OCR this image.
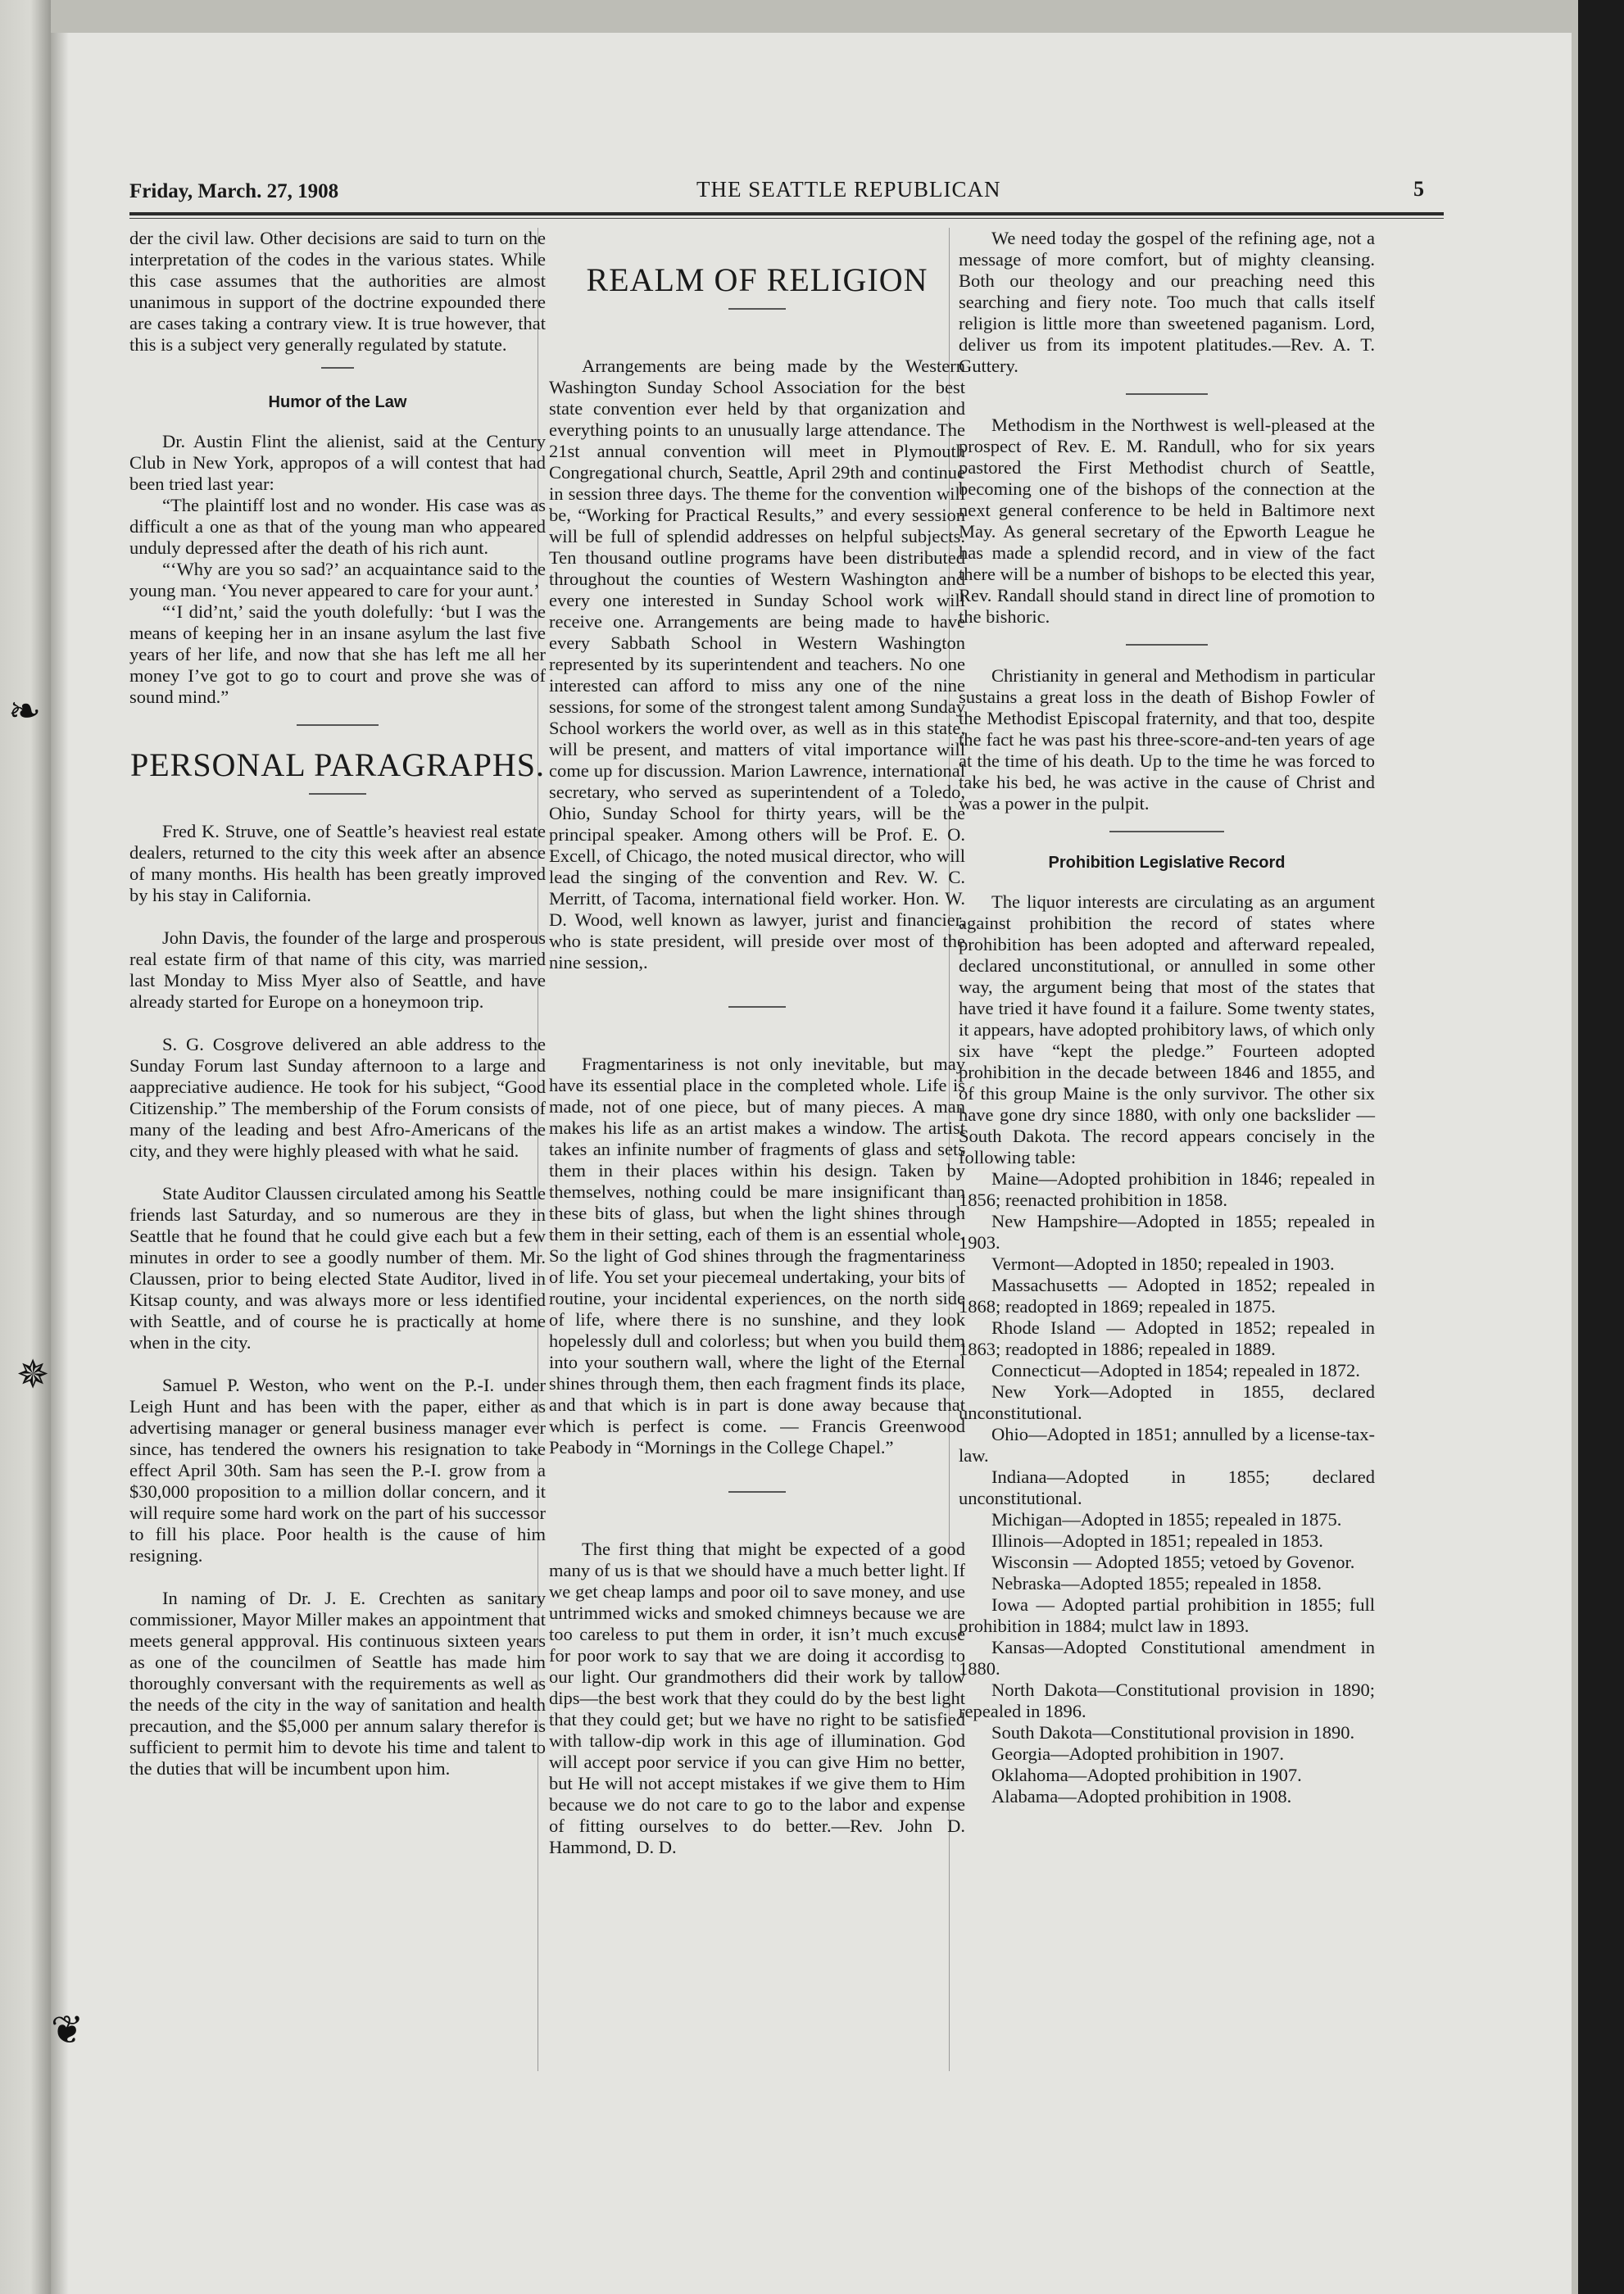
❧
✵
❦
Friday, March. 27, 1908	THE SEATTLE REPUBLICAN	5

der the civil law. Other decisions are said to turn on the interpretation of the codes in the various states. While this case assumes that the authorities are almost unanimous in support of the doctrine expounded there are cases taking a contrary view. It is true however, that this is a subject very generally regulated by statute.

Humor of the Law

Dr. Austin Flint the alienist, said at the Century Club in New York, appropos of a will contest that had been tried last year:

“The plaintiff lost and no wonder. His case was as difficult a one as that of the young man who appeared unduly depressed after the death of his rich aunt.

“‘Why are you so sad?’ an acquaintance said to the young man. ‘You never appeared to care for your aunt.’

“‘I did’nt,’ said the youth dolefully: ‘but I was the means of keeping her in an insane asylum the last five years of her life, and now that she has left me all her money I’ve got to go to court and prove she was of sound mind.”

PERSONAL PARAGRAPHS.

Fred K. Struve, one of Seattle’s heaviest real estate dealers, returned to the city this week after an absence of many months. His health has been greatly improved by his stay in California.

John Davis, the founder of the large and prosperous real estate firm of that name of this city, was married last Monday to Miss Myer also of Seattle, and have already started for Europe on a honeymoon trip.

S. G. Cosgrove delivered an able address to the Sunday Forum last Sunday afternoon to a large and aappreciative audience. He took for his subject, “Good Citizenship.” The membership of the Forum consists of many of the leading and best Afro-Americans of the city, and they were highly pleased with what he said.

State Auditor Claussen circulated among his Seattle friends last Saturday, and so numerous are they in Seattle that he found that he could give each but a few minutes in order to see a goodly number of them. Mr. Claussen, prior to being elected State Auditor, lived in Kitsap county, and was always more or less identified with Seattle, and of course he is practically at home when in the city.

Samuel P. Weston, who went on the P.-I. under Leigh Hunt and has been with the paper, either as advertising manager or general business manager ever since, has tendered the owners his resignation to take effect April 30th. Sam has seen the P.-I. grow from a $30,000 proposition to a million dollar concern, and it will require some hard work on the part of his successor to fill his place. Poor health is the cause of him resigning.

In naming of Dr. J. E. Crechten as sanitary commissioner, Mayor Miller makes an appointment that meets general appproval. His continuous sixteen years as one of the councilmen of Seattle has made him thoroughly conversant with the requirements as well as the needs of the city in the way of sanitation and health precaution, and the $5,000 per annum salary therefor is sufficient to permit him to devote his time and talent to the duties that will be incumbent upon him.

REALM OF RELIGION

Arrangements are being made by the Western Washington Sunday School Association for the best state convention ever held by that organization and everything points to an unusually large attendance. The 21st annual convention will meet in Plymouth Congregational church, Seattle, April 29th and continue in session three days. The theme for the convention will be, “Working for Practical Results,” and every session will be full of splendid addresses on helpful subjects. Ten thousand outline programs have been distributed throughout the counties of Western Washington and every one interested in Sunday School work will receive one. Arrangements are being made to have every Sabbath School in Western Washington represented by its superintendent and teachers. No one interested can afford to miss any one of the nine sessions, for some of the strongest talent among Sunday School workers the world over, as well as in this state, will be present, and matters of vital importance will come up for discussion. Marion Lawrence, international secretary, who served as superintendent of a Toledo, Ohio, Sunday School for thirty years, will be the principal speaker. Among others will be Prof. E. O. Excell, of Chicago, the noted musical director, who will lead the singing of the convention and Rev. W. C. Merritt, of Tacoma, international field worker. Hon. W. D. Wood, well known as lawyer, jurist and financier, who is state president, will preside over most of the nine session,.

Fragmentariness is not only inevitable, but may have its essential place in the completed whole. Life is made, not of one piece, but of many pieces. A man makes his life as an artist makes a window. The artist takes an infinite number of fragments of glass and sets them in their places within his design. Taken by themselves, nothing could be mare insignificant than these bits of glass, but when the light shines through them in their setting, each of them is an essential whole. So the light of God shines through the fragmentariness of life. You set your piecemeal undertaking, your bits of routine, your incidental experiences, on the north side of life, where there is no sunshine, and they look hopelessly dull and colorless; but when you build them into your southern wall, where the light of the Eternal shines through them, then each fragment finds its place, and that which is in part is done away because that which is perfect is come. — Francis Greenwood Peabody in “Mornings in the College Chapel.”

The first thing that might be expected of a good many of us is that we should have a much better light. If we get cheap lamps and poor oil to save money, and use untrimmed wicks and smoked chimneys because we are too careless to put them in order, it isn’t much excuse for poor work to say that we are doing it accordisg to our light. Our grandmothers did their work by tallow dips—the best work that they could do by the best light that they could get; but we have no right to be satisfied with tallow-dip work in this age of illumination. God will accept poor service if you can give Him no better, but He will not accept mistakes if we give them to Him because we do not care to go to the labor and expense of fitting ourselves to do better.—Rev. John D. Hammond, D. D.

We need today the gospel of the refining age, not a message of more comfort, but of mighty cleansing. Both our theology and our preaching need this searching and fiery note. Too much that calls itself religion is little more than sweetened paganism. Lord, deliver us from its impotent platitudes.—Rev. A. T. Guttery.

Methodism in the Northwest is well-pleased at the prospect of Rev. E. M. Randull, who for six years pastored the First Methodist church of Seattle, becoming one of the bishops of the connection at the next general conference to be held in Baltimore next May. As general secretary of the Epworth League he has made a splendid record, and in view of the fact there will be a number of bishops to be elected this year, Rev. Randall should stand in direct line of promotion to the bishoric.

Christianity in general and Methodism in particular sustains a great loss in the death of Bishop Fowler of the Methodist Episcopal fraternity, and that too, despite the fact he was past his three-score-and-ten years of age at the time of his death. Up to the time he was forced to take his bed, he was active in the cause of Christ and was a power in the pulpit.

Prohibition Legislative Record

The liquor interests are circulating as an argument against prohibition the record of states where prohibition has been adopted and afterward repealed, declared unconstitutional, or annulled in some other way, the argument being that most of the states that have tried it have found it a failure. Some twenty states, it appears, have adopted prohibitory laws, of which only six have “kept the pledge.” Fourteen adopted prohibition in the decade between 1846 and 1855, and of this group Maine is the only survivor. The other six have gone dry since 1880, with only one backslider — South Dakota. The record appears concisely in the following table:

Maine—Adopted prohibition in 1846; repealed in 1856; reenacted prohibition in 1858.

New Hampshire—Adopted in 1855; repealed in 1903.

Vermont—Adopted in 1850; repealed in 1903.

Massachusetts — Adopted in 1852; repealed in 1868; readopted in 1869; repealed in 1875.

Rhode Island — Adopted in 1852; repealed in 1863; readopted in 1886; repealed in 1889.

Connecticut—Adopted in 1854; repealed in 1872.

New York—Adopted in 1855, declared unconstitutional.

Ohio—Adopted in 1851; annulled by a license-tax-law.

Indiana—Adopted in 1855; declared unconstitutional.

Michigan—Adopted in 1855; repealed in 1875.

Illinois—Adopted in 1851; repealed in 1853.

Wisconsin — Adopted 1855; vetoed by Govenor.

Nebraska—Adopted 1855; repealed in 1858.

Iowa — Adopted partial prohibition in 1855; full prohibition in 1884; mulct law in 1893.

Kansas—Adopted Constitutional amendment in 1880.

North Dakota—Constitutional provision in 1890; repealed in 1896.

South Dakota—Constitutional provision in 1890.

Georgia—Adopted prohibition in 1907.

Oklahoma—Adopted prohibition in 1907.

Alabama—Adopted prohibition in 1908.
